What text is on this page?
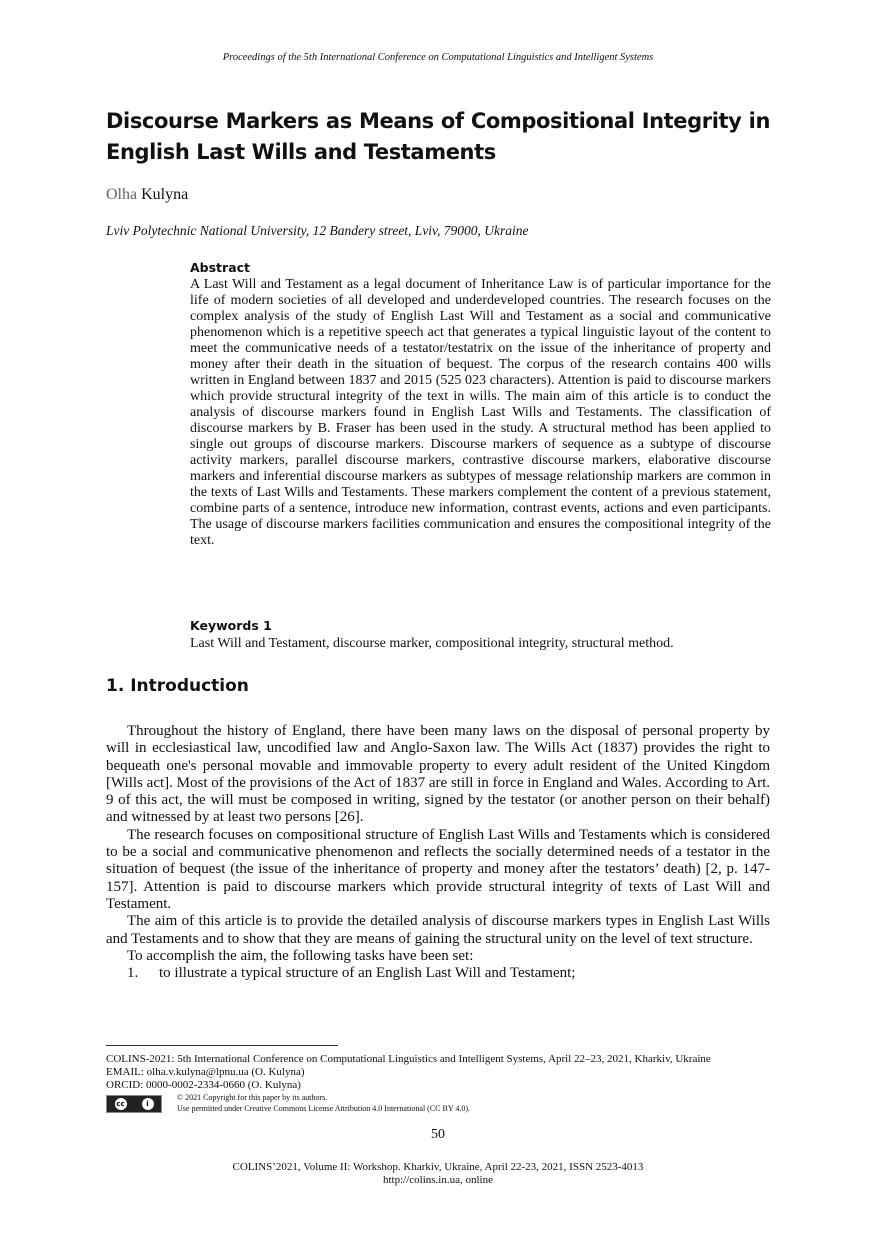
Proceedings of the 5th International Conference on Computational Linguistics and Intelligent Systems
Discourse Markers as Means of Compositional Integrity in English Last Wills and Testaments
Olha Kulyna
Lviv Polytechnic National University, 12 Bandery street, Lviv, 79000, Ukraine
Abstract
A Last Will and Testament as a legal document of Inheritance Law is of particular importance for the life of modern societies of all developed and underdeveloped countries. The research focuses on the complex analysis of the study of English Last Will and Testament as a social and communicative phenomenon which is a repetitive speech act that generates a typical linguistic layout of the content to meet the communicative needs of a testator/testatrix on the issue of the inheritance of property and money after their death in the situation of bequest. The corpus of the research contains 400 wills written in England between 1837 and 2015 (525 023 characters). Attention is paid to discourse markers which provide structural integrity of the text in wills. The main aim of this article is to conduct the analysis of discourse markers found in English Last Wills and Testaments. The classification of discourse markers by B. Fraser has been used in the study. A structural method has been applied to single out groups of discourse markers. Discourse markers of sequence as a subtype of discourse activity markers, parallel discourse markers, contrastive discourse markers, elaborative discourse markers and inferential discourse markers as subtypes of message relationship markers are common in the texts of Last Wills and Testaments. These markers complement the content of a previous statement, combine parts of a sentence, introduce new information, contrast events, actions and even participants. The usage of discourse markers facilities communication and ensures the compositional integrity of the text.
Keywords 1
Last Will and Testament, discourse marker, compositional integrity, structural method.
1. Introduction

Throughout the history of England, there have been many laws on the disposal of personal property by will in ecclesiastical law, uncodified law and Anglo-Saxon law. The Wills Act (1837) provides the right to bequeath one's personal movable and immovable property to every adult resident of the United Kingdom [Wills act]. Most of the provisions of the Act of 1837 are still in force in England and Wales. According to Art. 9 of this act, the will must be composed in writing, signed by the testator (or another person on their behalf) and witnessed by at least two persons [26].

The research focuses on compositional structure of English Last Wills and Testaments which is considered to be a social and communicative phenomenon and reflects the socially determined needs of a testator in the situation of bequest (the issue of the inheritance of property and money after the testators’ death) [2, p. 147-157]. Attention is paid to discourse markers which provide structural integrity of texts of Last Will and Testament.

The aim of this article is to provide the detailed analysis of discourse markers types in English Last Wills and Testaments and to show that they are means of gaining the structural unity on the level of text structure.

To accomplish the aim, the following tasks have been set:

1. to illustrate a typical structure of an English Last Will and Testament;
COLINS-2021: 5th International Conference on Computational Linguistics and Intelligent Systems, April 22–23, 2021, Kharkiv, Ukraine
EMAIL: olha.v.kulyna@lpnu.ua (O. Kulyna)
ORCID: 0000-0002-2334-0660 (O. Kulyna)
cc	i
© 2021 Copyright for this paper by its authors.
Use permitted under Creative Commons License Attribution 4.0 International (CC BY 4.0).
50
COLINS’2021, Volume II: Workshop. Kharkiv, Ukraine, April 22-23, 2021, ISSN 2523-4013
http://colins.in.ua, online
